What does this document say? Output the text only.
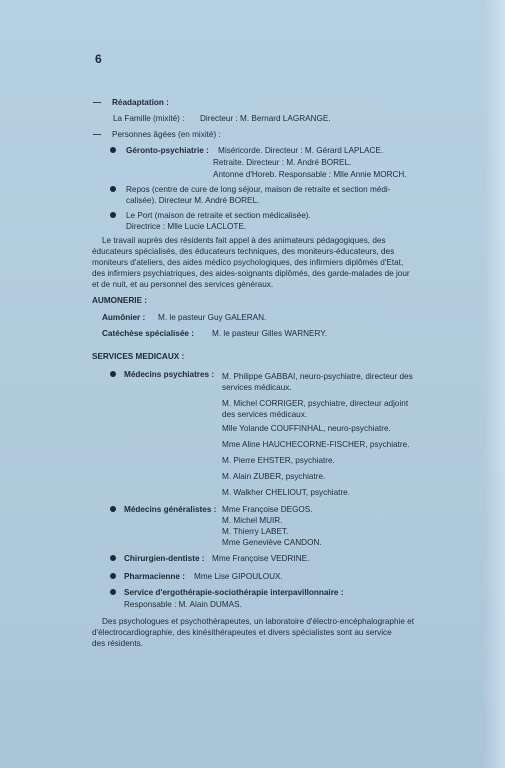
6
— Réadaptation :
La Famille (mixité) : Directeur : M. Bernard LAGRANGE.
— Personnes âgées (en mixité) :
Géronto-psychiatrie : Miséricorde. Directeur : M. Gérard LAPLACE.
Retraite. Directeur : M. André BOREL.
Antonne d'Horeb. Responsable : Mlle Annie MORCH.
Repos (centre de cure de long séjour, maison de retraite et section médi-
calisée). Directeur M. André BOREL.
Le Port (maison de retraite et section médicalisée).
Directrice : Mlle Lucie LACLOTE.
Le travail auprès des résidents fait appel à des animateurs pédagogiques, des
éducateurs spécialisés, des éducateurs techniques, des moniteurs-éducateurs, des
moniteurs d'ateliers, des aides médico psychologiques, des infirmiers diplômés d'Etat,
des infirmiers psychiatriques, des aides-soignants diplômés, des garde-malades de jour
et de nuit, et au personnel des services généraux.
AUMONERIE :
Aumônier : M. le pasteur Guy GALERAN.
Catéchèse spécialisée : M. le pasteur Gilles WARNERY.
SERVICES MEDICAUX :
Médecins psychiatres : M. Philippe GABBAI, neuro-psychiatre, directeur des
services médicaux.
M. Michel CORRIGER, psychiatre, directeur adjoint
des services médicaux.
Mlle Yolande COUFFINHAL, neuro-psychiatre.
Mme Aline HAUCHECORNE-FISCHER, psychiatre.
M. Pierre EHSTER, psychiatre.
M. Alain ZUBER, psychiatre.
M. Walkher CHELIOUT, psychiatre.
Médecins généralistes : Mme Françoise DEGOS.
M. Michel MUIR.
M. Thierry LABET.
Mme Geneviève CANDON.
Chirurgien-dentiste : Mme Françoise VEDRINE.
Pharmacienne : Mme Lise GIPOULOUX.
Service d'ergothérapie-sociothérapie interpavillonnaire :
Responsable : M. Alain DUMAS.
Des psychologues et psychothérapeutes, un laboratoire d'électro-encéphalographie et
d'électrocardiographie, des kinésithérapeutes et divers spécialistes sont au service
des résidents.
